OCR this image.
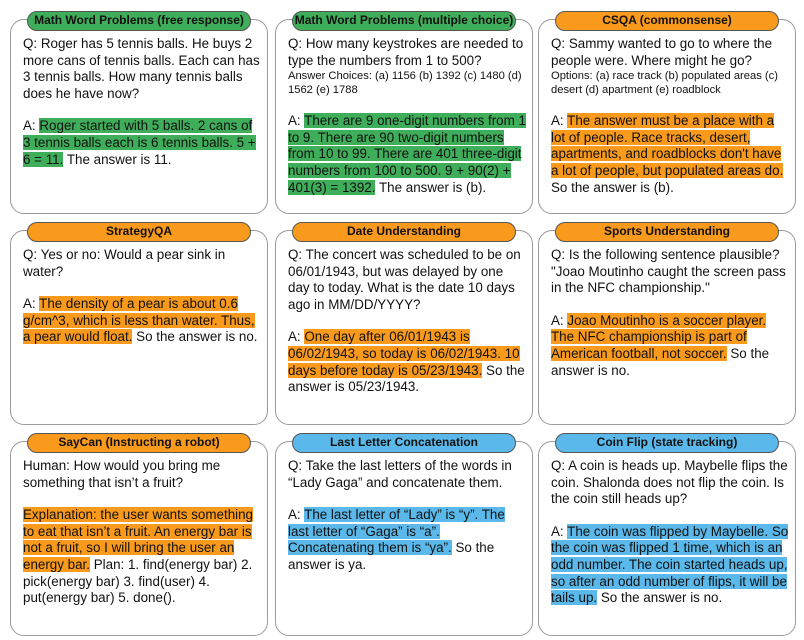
Math Word Problems (free response)
Q: Roger has 5 tennis balls. He buys 2 more cans of tennis balls. Each can has 3 tennis balls. How many tennis balls does he have now?
A: Roger started with 5 balls. 2 cans of 3 tennis balls each is 6 tennis balls. 5 + 6 = 11. The answer is 11.
Math Word Problems (multiple choice)
Q: How many keystrokes are needed to type the numbers from 1 to 500?
Answer Choices: (a) 1156 (b) 1392 (c) 1480 (d) 1562 (e) 1788
A: There are 9 one-digit numbers from 1 to 9. There are 90 two-digit numbers from 10 to 99. There are 401 three-digit numbers from 100 to 500. 9 + 90(2) + 401(3) = 1392. The answer is (b).
CSQA (commonsense)
Q: Sammy wanted to go to where the people were. Where might he go?
Options: (a) race track (b) populated areas (c) desert (d) apartment (e) roadblock
A: The answer must be a place with a lot of people. Race tracks, desert, apartments, and roadblocks don't have a lot of people, but populated areas do. So the answer is (b).
StrategyQA
Q: Yes or no: Would a pear sink in water?
A: The density of a pear is about 0.6 g/cm^3, which is less than water. Thus, a pear would float. So the answer is no.
Date Understanding
Q: The concert was scheduled to be on 06/01/1943, but was delayed by one day to today. What is the date 10 days ago in MM/DD/YYYY?
A: One day after 06/01/1943 is 06/02/1943, so today is 06/02/1943. 10 days before today is 05/23/1943. So the answer is 05/23/1943.
Sports Understanding
Q: Is the following sentence plausible? "Joao Moutinho caught the screen pass in the NFC championship."
A: Joao Moutinho is a soccer player. The NFC championship is part of American football, not soccer. So the answer is no.
SayCan (Instructing a robot)
Human: How would you bring me something that isn’t a fruit?
Explanation: the user wants something to eat that isn’t a fruit. An energy bar is not a fruit, so I will bring the user an energy bar. Plan: 1. find(energy bar) 2. pick(energy bar) 3. find(user) 4. put(energy bar) 5. done().
Last Letter Concatenation
Q: Take the last letters of the words in “Lady Gaga” and concatenate them.
A: The last letter of “Lady” is “y”. The last letter of “Gaga” is “a”. Concatenating them is “ya”. So the answer is ya.
Coin Flip (state tracking)
Q: A coin is heads up. Maybelle flips the coin. Shalonda does not flip the coin. Is the coin still heads up?
A: The coin was flipped by Maybelle. So the coin was flipped 1 time, which is an odd number. The coin started heads up, so after an odd number of flips, it will be tails up. So the answer is no.
